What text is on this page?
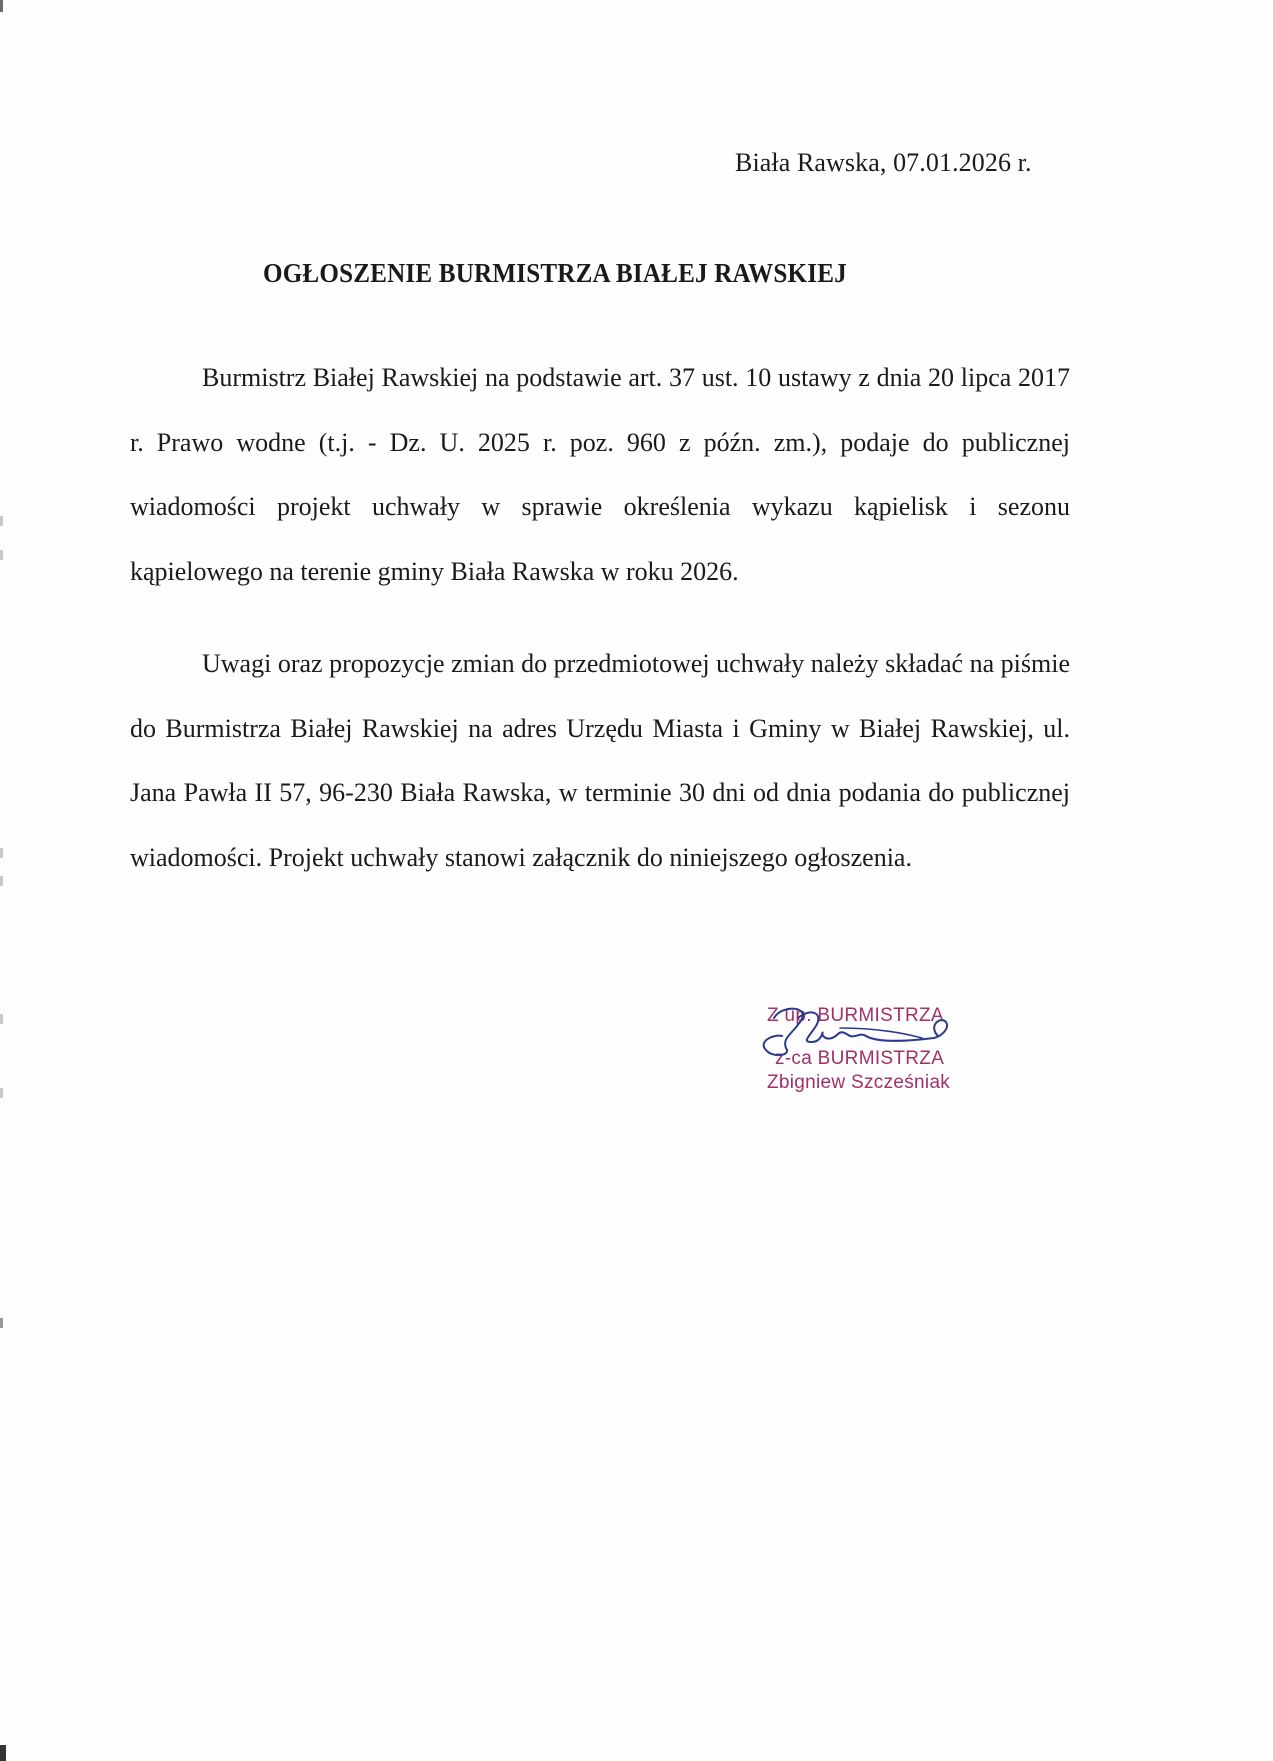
Biała Rawska, 07.01.2026 r.
OGŁOSZENIE BURMISTRZA BIAŁEJ RAWSKIEJ

Burmistrz Białej Rawskiej na podstawie art. 37 ust. 10 ustawy z dnia 20 lipca 2017 r. Prawo wodne (t.j. - Dz. U. 2025 r. poz. 960 z późn. zm.), podaje do publicznej wiadomości projekt uchwały w sprawie określenia wykazu kąpielisk i sezonu kąpielowego na terenie gminy Biała Rawska w roku 2026.

Uwagi oraz propozycje zmian do przedmiotowej uchwały należy składać na piśmie do Burmistrza Białej Rawskiej na adres Urzędu Miasta i Gminy w Białej Rawskiej, ul. Jana Pawła II 57, 96-230 Biała Rawska, w terminie 30 dni od dnia podania do publicznej wiadomości. Projekt uchwały stanowi załącznik do niniejszego ogłoszenia.

Z up. BURMISTRZA
z-ca BURMISTRZA
Zbigniew Szcześniak
